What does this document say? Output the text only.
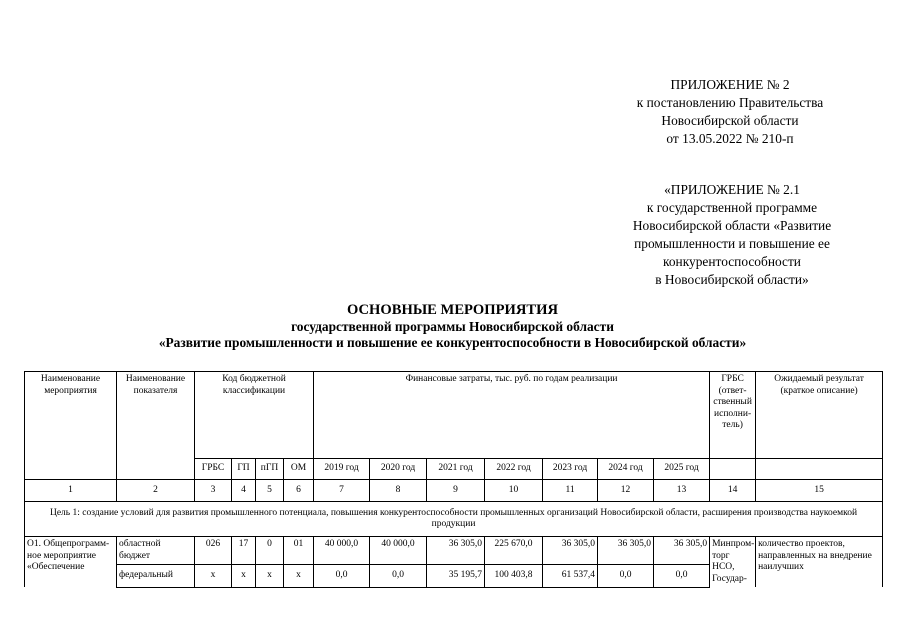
ПРИЛОЖЕНИЕ № 2
к постановлению Правительства
Новосибирской области
от 13.05.2022 № 210-п
«ПРИЛОЖЕНИЕ № 2.1
к государственной программе
Новосибирской области «Развитие
промышленности и повышение ее
конкурентоспособности
в Новосибирской области»
ОСНОВНЫЕ МЕРОПРИЯТИЯ
государственной программы Новосибирской области
«Развитие промышленности и повышение ее конкурентоспособности в Новосибирской области»
Наименование мероприятия	Наименование показателя	Код бюджетной классификации				Финансовые затраты, тыс. руб. по годам реализации							ГРБС (ответ-ственный исполни-тель)	Ожидаемый результат (краткое описание)
		ГРБС	ГП	пГП	ОМ	2019 год	2020 год	2021 год	2022 год	2023 год	2024 год	2025 год		
1	2	3	4	5	6	7	8	9	10	11	12	13	14	15
Цель 1: создание условий для развития промышленного потенциала, повышения конкурентоспособности промышленных организаций Новосибирской области, расширения производства наукоемкой продукции														
О1. Общепрограмм-ное мероприятие «Обеспечение	областной бюджет	026	17	0	01	40 000,0	40 000,0	36 305,0	225 670,0	36 305,0	36 305,0	36 305,0	Минпром-торг НСО, Государ-	количество проектов, направленных на внедрение наилучших
	федеральный	х	х	х	х	0,0	0,0	35 195,7	100 403,8	61 537,4	0,0	0,0		
